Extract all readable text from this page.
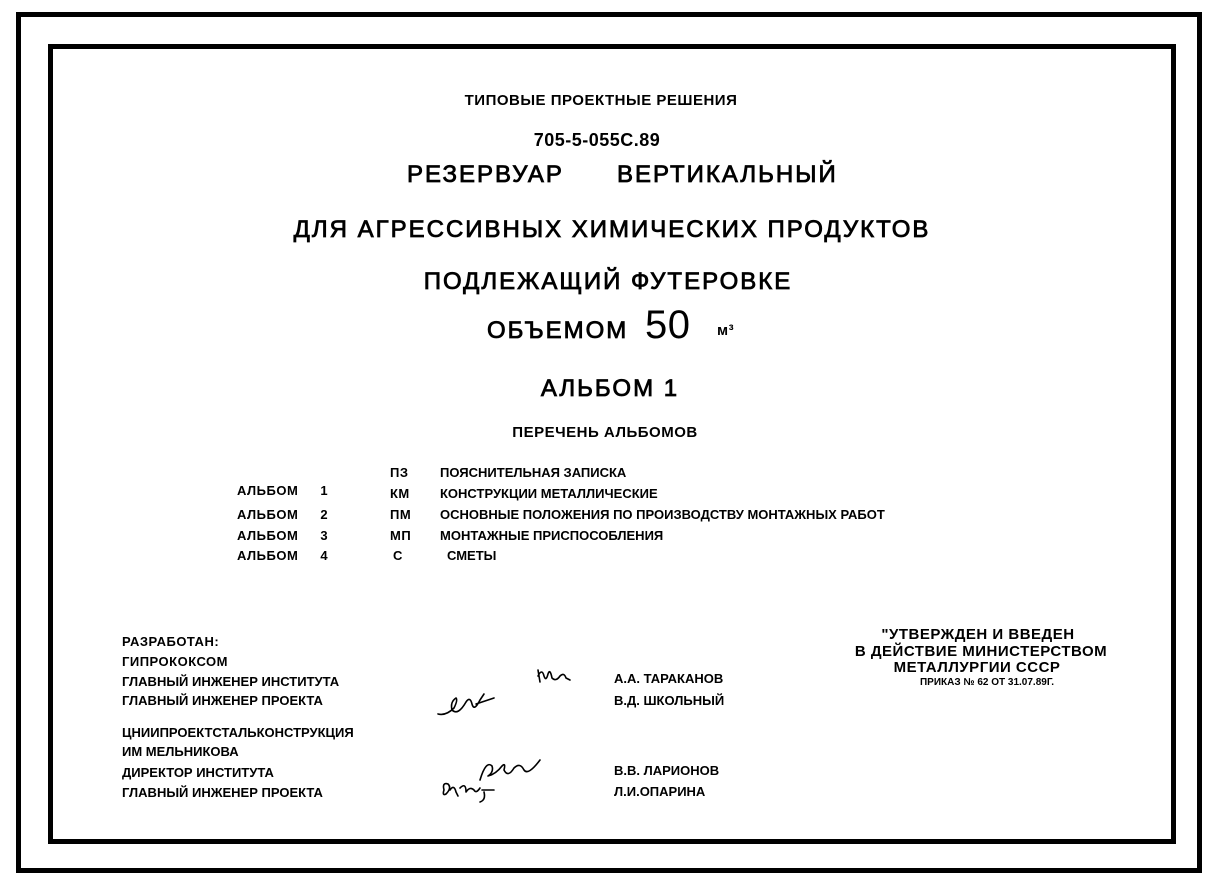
ТИПОВЫЕ ПРОЕКТНЫЕ РЕШЕНИЯ
705-5-055С.89
РЕЗЕРВУАР ВЕРТИКАЛЬНЫЙ
ДЛЯ АГРЕССИВНЫХ ХИМИЧЕСКИХ ПРОДУКТОВ
ПОДЛЕЖАЩИЙ ФУТЕРОВКЕ
ОБЪЕМОМ 50 м³
АЛЬБОМ 1
ПЕРЕЧЕНЬ АЛЬБОМОВ
ПЗ ПОЯСНИТЕЛЬНАЯ ЗАПИСКА
АЛЬБОМ 1	КМ КОНСТРУКЦИИ МЕТАЛЛИЧЕСКИЕ
АЛЬБОМ 2	ПМ ОСНОВНЫЕ ПОЛОЖЕНИЯ ПО ПРОИЗВОДСТВУ МОНТАЖНЫХ РАБОТ
АЛЬБОМ 3	МП МОНТАЖНЫЕ ПРИСПОСОБЛЕНИЯ
АЛЬБОМ 4	С	СМЕТЫ
РАЗРАБОТАН:
ГИПРОКОКСОМ
ГЛАВНЫЙ ИНЖЕНЕР ИНСТИТУТА
ГЛАВНЫЙ ИНЖЕНЕР ПРОЕКТА
А.А. ТАРАКАНОВ
В.Д. ШКОЛЬНЫЙ
ЦНИИПРОЕКТСТАЛЬКОНСТРУКЦИЯ
ИМ МЕЛЬНИКОВА
ДИРЕКТОР ИНСТИТУТА
ГЛАВНЫЙ ИНЖЕНЕР ПРОЕКТА
В.В. ЛАРИОНОВ
Л.И.ОПАРИНА
"УТВЕРЖДЕН И ВВЕДЕН
В ДЕЙСТВИЕ МИНИСТЕРСТВОМ
МЕТАЛЛУРГИИ СССР
ПРИКАЗ № 62 ОТ 31.07.89Г.
